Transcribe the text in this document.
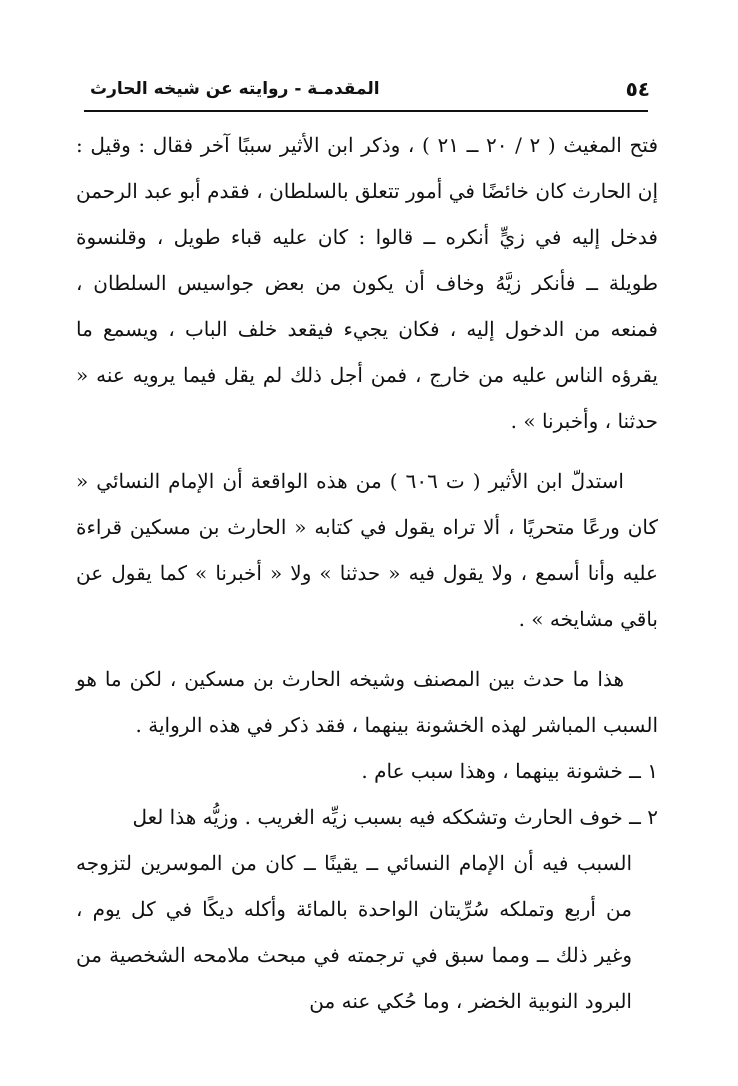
٥٤
المقدمـة - روايته عن شيخه الحارث

فتح المغيث ( ٢ / ٢٠ ــ ٢١ ) ، وذكر ابن الأثير سببًا آخر فقال : وقيل : إن الحارث كان خائضًا في أمور تتعلق بالسلطان ، فقدم أبو عبد الرحمن فدخل إليه في زيٍّ أنكره ــ قالوا : كان عليه قباء طويل ، وقلنسوة طويلة ــ فأنكر زيَّهُ وخاف أن يكون من بعض جواسيس السلطان ، فمنعه من الدخول إليه ، فكان يجيء فيقعد خلف الباب ، ويسمع ما يقرؤه الناس عليه من خارج ، فمن أجل ذلك لم يقل فيما يرويه عنه « حدثنا ، وأخبرنا » .

استدلّ ابن الأثير ( ت ٦٠٦ ) من هذه الواقعة أن الإمام النسائي « كان ورعًا متحريًا ، ألا تراه يقول في كتابه « الحارث بن مسكين قراءة عليه وأنا أسمع ، ولا يقول فيه « حدثنا » ولا « أخبرنا » كما يقول عن باقي مشايخه » .

هذا ما حدث بين المصنف وشيخه الحارث بن مسكين ، لكن ما هو السبب المباشر لهذه الخشونة بينهما ، فقد ذكر في هذه الرواية .

١ ــ خشونة بينهما ، وهذا سبب عام .

٢ ــ خوف الحارث وتشككه فيه بسبب زيِّه الغريب . وزيُّه هذا لعل

السبب فيه أن الإمام النسائي ــ يقينًا ــ كان من الموسرين لتزوجه من أربع وتملكه سُرِّيتان الواحدة بالمائة وأكله ديكًا في كل يوم ، وغير ذلك ــ ومما سبق في ترجمته في مبحث ملامحه الشخصية من البرود النوبية الخضر ، وما حُكي عنه من
